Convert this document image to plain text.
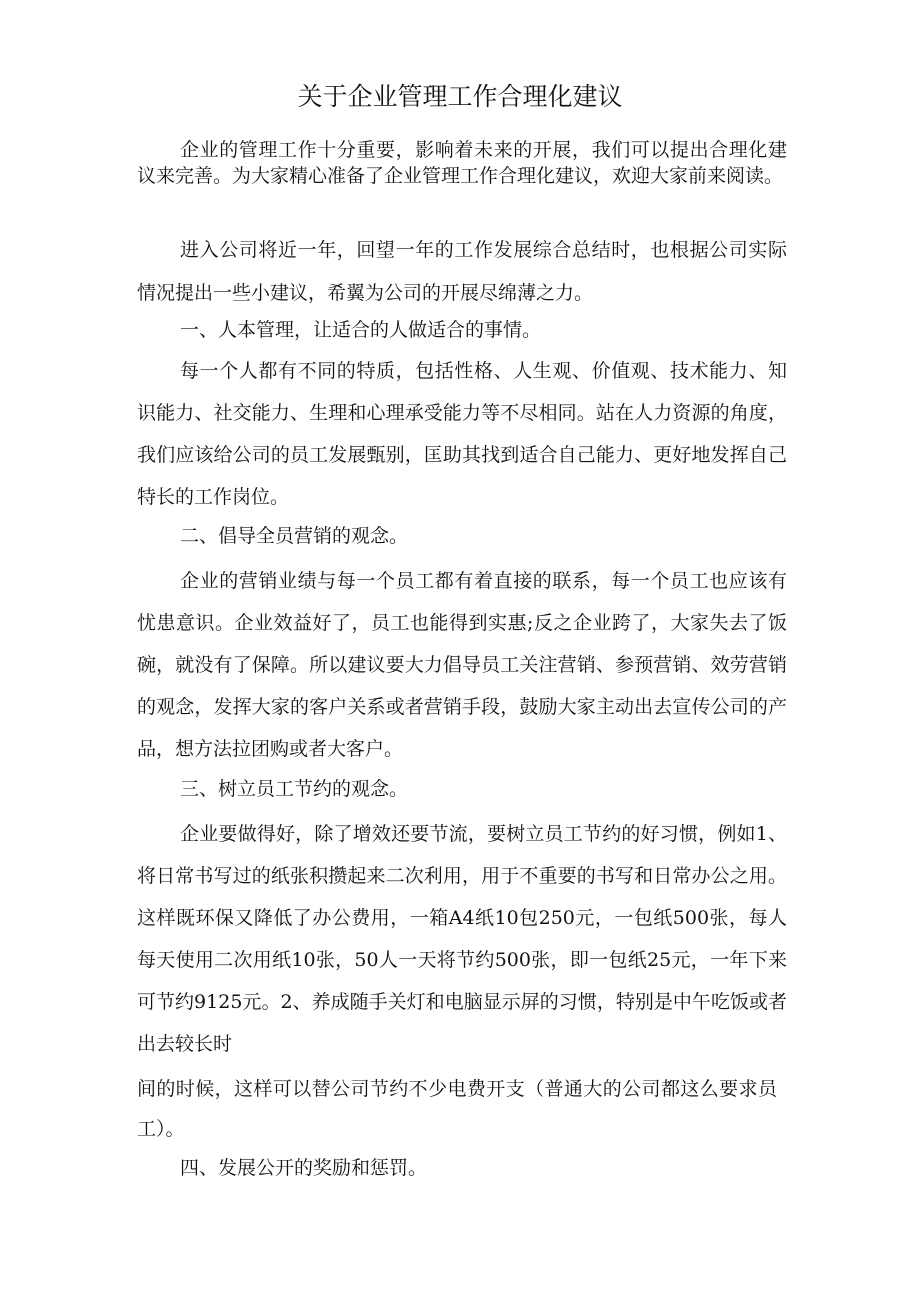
关于企业管理工作合理化建议
企业的管理工作十分重要，影响着未来的开展，我们可以提出合理化建议来完善。为大家精心准备了企业管理工作合理化建议，欢迎大家前来阅读。
进入公司将近一年，回望一年的工作发展综合总结时，也根据公司实际情况提出一些小建议，希翼为公司的开展尽绵薄之力。
一、人本管理，让适合的人做适合的事情。
每一个人都有不同的特质，包括性格、人生观、价值观、技术能力、知识能力、社交能力、生理和心理承受能力等不尽相同。站在人力资源的角度，我们应该给公司的员工发展甄别，匡助其找到适合自己能力、更好地发挥自己特长的工作岗位。
二、倡导全员营销的观念。
企业的营销业绩与每一个员工都有着直接的联系，每一个员工也应该有忧患意识。企业效益好了，员工也能得到实惠;反之企业跨了，大家失去了饭碗，就没有了保障。所以建议要大力倡导员工关注营销、参预营销、效劳营销的观念，发挥大家的客户关系或者营销手段，鼓励大家主动出去宣传公司的产品，想方法拉团购或者大客户。
三、树立员工节约的观念。
企业要做得好，除了增效还要节流，要树立员工节约的好习惯，例如1、将日常书写过的纸张积攒起来二次利用，用于不重要的书写和日常办公之用。这样既环保又降低了办公费用，一箱A4纸10包250元，一包纸500张，每人每天使用二次用纸10张，50人一天将节约500张，即一包纸25元，一年下来可节约9125元。2、养成随手关灯和电脑显示屏的习惯，特别是中午吃饭或者出去较长时
间的时候，这样可以替公司节约不少电费开支（普通大的公司都这么要求员工）。
四、发展公开的奖励和惩罚。
